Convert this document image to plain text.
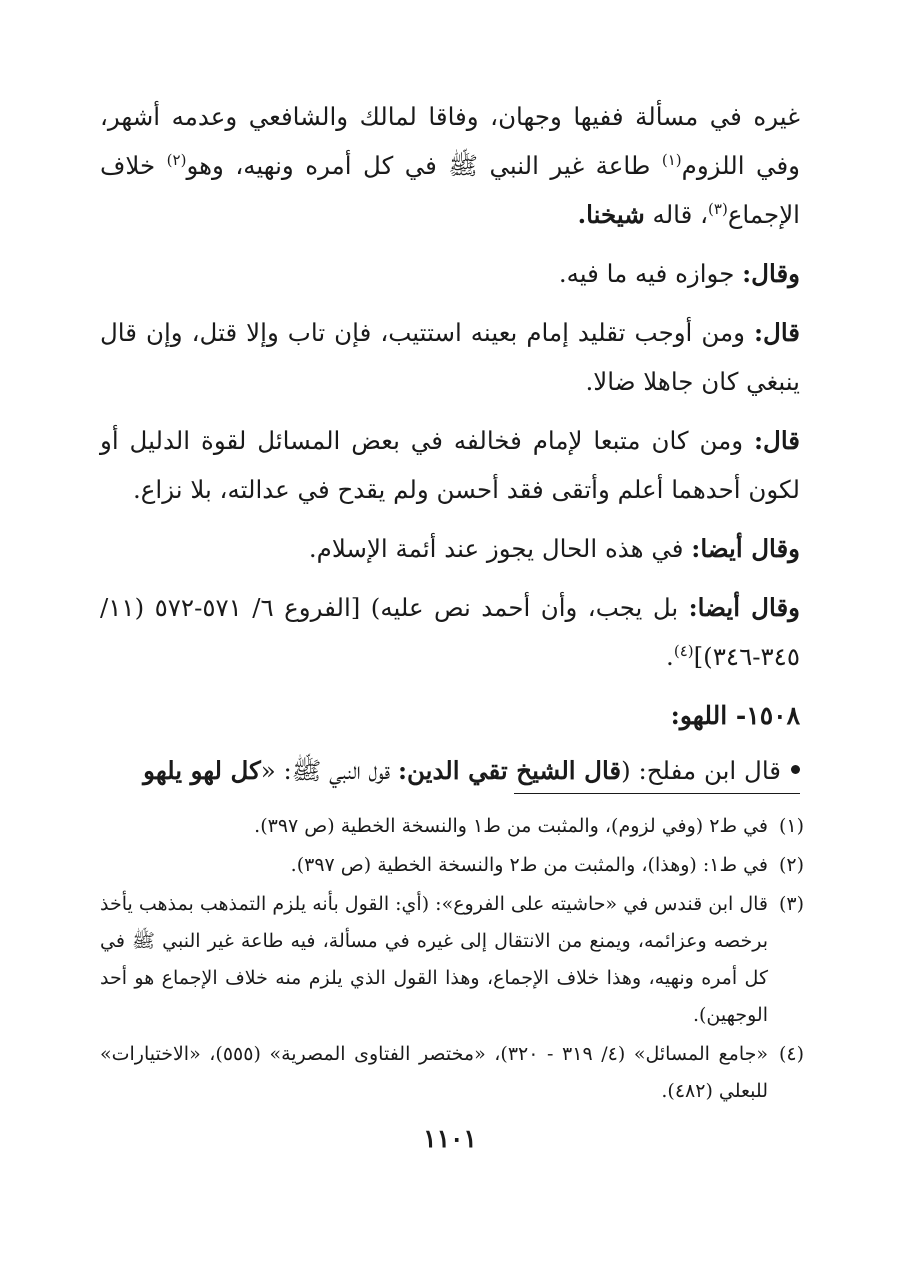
غيره في مسألة ففيها وجهان، وفاقا لمالك والشافعي وعدمه أشهر، وفي اللزوم$^{(١)}$ طاعة غير النبي ﷺ في كل أمره ونهيه، وهو$^{(٢)}$ خلاف الإجماع$^{(٣)}$، قاله شيخنا.

وقال: جوازه فيه ما فيه.

قال: ومن أوجب تقليد إمام بعينه استتيب، فإن تاب وإلا قتل، وإن قال ينبغي كان جاهلا ضالا.

قال: ومن كان متبعا لإمام فخالفه في بعض المسائل لقوة الدليل أو لكون أحدهما أعلم وأتقى فقد أحسن ولم يقدح في عدالته، بلا نزاع.

وقال أيضا: في هذه الحال يجوز عند أئمة الإسلام.

وقال أيضا: بل يجب، وأن أحمد نص عليه) [الفروع ٦/ ٥٧١-٥٧٢ (١١/ ٣٤٥-٣٤٦)]$^{(٤)}$.

١٥٠٨- اللهو:

قال ابن مفلح: (قال الشيخ تقي الدين: قول النبي ﷺ: «كل لهو يلهو

(١)
في ط٢ (وفي لزوم)، والمثبت من ط١ والنسخة الخطية (ص ٣٩٧).
(٢)
في ط١: (وهذا)، والمثبت من ط٢ والنسخة الخطية (ص ٣٩٧).
(٣)
قال ابن قندس في «حاشيته على الفروع»: (أي: القول بأنه يلزم التمذهب بمذهب يأخذ برخصه وعزائمه، ويمنع من الانتقال إلى غيره في مسألة، فيه طاعة غير النبي ﷺ في كل أمره ونهيه، وهذا خلاف الإجماع، وهذا القول الذي يلزم منه خلاف الإجماع هو أحد الوجهين).
(٤)
«جامع المسائل» (٤/ ٣١٩ - ٣٢٠)، «مختصر الفتاوى المصرية» (٥٥٥)، «الاختيارات» للبعلي (٤٨٢).
١١٠١
